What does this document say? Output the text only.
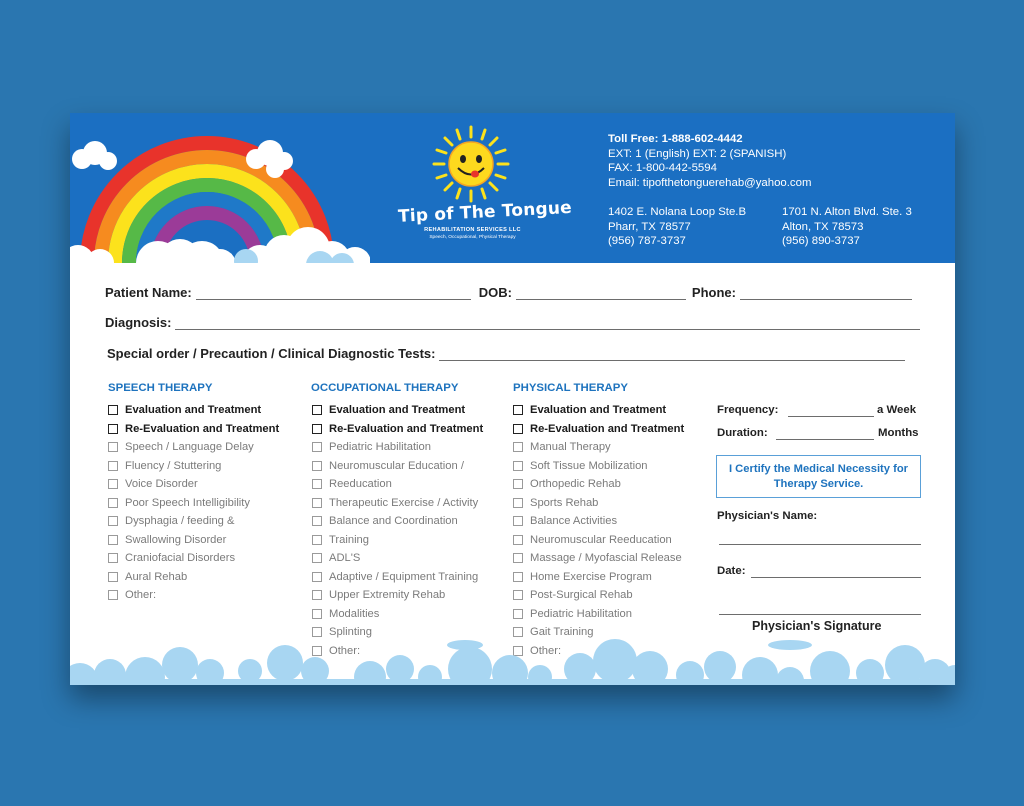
Tip of The Tongue
REHABILITATION SERVICES LLC
Speech, Occupational, Physical Therapy
Toll Free: 1-888-602-4442
EXT: 1 (English) EXT: 2 (SPANISH)
FAX: 1-800-442-5594
Email: tipofthetonguerehab@yahoo.com
1402 E. Nolana Loop Ste.B
Pharr, TX 78577
(956) 787-3737
1701 N. Alton Blvd. Ste. 3
Alton, TX 78573
(956) 890-3737
Patient Name:	DOB:	Phone:
Diagnosis:
Special order / Precaution / Clinical Diagnostic Tests:
SPEECH THERAPY	OCCUPATIONAL THERAPY	PHYSICAL THERAPY
Evaluation and Treatment
Re-Evaluation and Treatment
Speech / Language Delay
Fluency / Stuttering
Voice Disorder
Poor Speech Intelligibility
Dysphagia / feeding &
Swallowing Disorder
Craniofacial Disorders
Aural Rehab
Other:
Evaluation and Treatment
Re-Evaluation and Treatment
Pediatric Habilitation
Neuromuscular Education /
Reeducation
Therapeutic Exercise / Activity
Balance and Coordination
Training
ADL'S
Adaptive / Equipment Training
Upper Extremity Rehab
Modalities
Splinting
Other:
Evaluation and Treatment
Re-Evaluation and Treatment
Manual Therapy
Soft Tissue Mobilization
Orthopedic Rehab
Sports Rehab
Balance Activities
Neuromuscular Reeducation
Massage / Myofascial Release
Home Exercise Program
Post-Surgical Rehab
Pediatric Habilitation
Gait Training
Other:
Frequency:	a Week
Duration:	Months
I Certify the Medical Necessity for Therapy Service.
Physician's Name:
Date:
Physician's Signature
